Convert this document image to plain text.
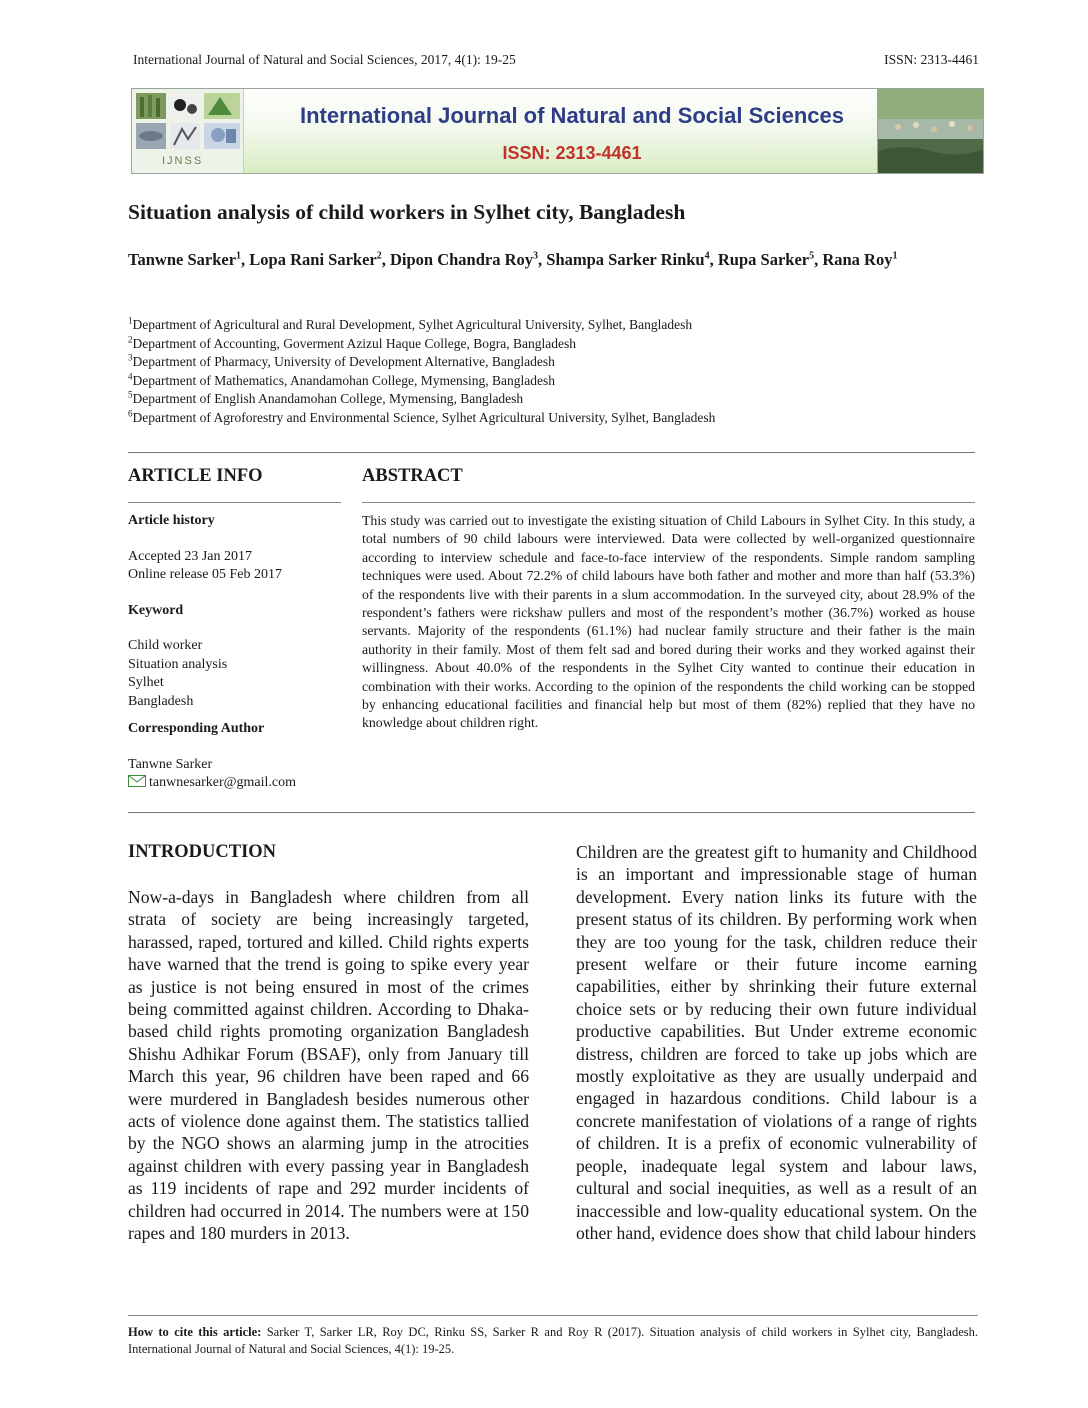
International Journal of Natural and Social Sciences, 2017, 4(1): 19-25	ISSN: 2313-4461
IJNSS
International Journal of Natural and Social Sciences
ISSN: 2313-4461
Situation analysis of child workers in Sylhet city, Bangladesh
Tanwne Sarker$^1$, Lopa Rani Sarker$^2$, Dipon Chandra Roy$^3$, Shampa Sarker Rinku$^4$, Rupa Sarker$^5$, Rana Roy$^1$
$^1$Department of Agricultural and Rural Development, Sylhet Agricultural University, Sylhet, Bangladesh
$^2$Department of Accounting, Goverment Azizul Haque College, Bogra, Bangladesh
$^3$Department of Pharmacy, University of Development Alternative, Bangladesh
$^4$Department of Mathematics, Anandamohan College, Mymensing, Bangladesh
$^5$Department of English Anandamohan College, Mymensing, Bangladesh
$^6$Department of Agroforestry and Environmental Science, Sylhet Agricultural University, Sylhet, Bangladesh
ARTICLE INFO
Article history
Accepted 23 Jan 2017
Online release 05 Feb 2017
Keyword
Child worker
Situation analysis
Sylhet
Bangladesh
Corresponding Author
Tanwne Sarker
tanwnesarker@gmail.com
ABSTRACT

This study was carried out to investigate the existing situation of Child Labours in Sylhet City. In this study, a total numbers of 90 child labours were interviewed. Data were collected by well-organized questionnaire according to interview schedule and face-to-face interview of the respondents. Simple random sampling techniques were used. About 72.2% of child labours have both father and mother and more than half (53.3%) of the respondents live with their parents in a slum accommodation. In the surveyed city, about 28.9% of the respondent’s fathers were rickshaw pullers and most of the respondent’s mother (36.7%) worked as house servants. Majority of the respondents (61.1%) had nuclear family structure and their father is the main authority in their family. Most of them felt sad and bored during their works and they worked against their willingness. About 40.0% of the respondents in the Sylhet City wanted to continue their education in combination with their works. According to the opinion of the respondents the child working can be stopped by enhancing educational facilities and financial help but most of them (82%) replied that they have no knowledge about children right.

INTRODUCTION

Now-a-days in Bangladesh where children from all strata of society are being increasingly targeted, harassed, raped, tortured and killed. Child rights experts have warned that the trend is going to spike every year as justice is not being ensured in most of the crimes being committed against children. According to Dhaka-based child rights promoting organization Bangladesh Shishu Adhikar Forum (BSAF), only from January till March this year, 96 children have been raped and 66 were murdered in Bangladesh besides numerous other acts of violence done against them. The statistics tallied by the NGO shows an alarming jump in the atrocities against children with every passing year in Bangladesh as 119 incidents of rape and 292 murder incidents of children had occurred in 2014. The numbers were at 150 rapes and 180 murders in 2013.

Children are the greatest gift to humanity and Childhood is an important and impressionable stage of human development. Every nation links its future with the present status of its children. By performing work when they are too young for the task, children reduce their present welfare or their future income earning capabilities, either by shrinking their future external choice sets or by reducing their own future individual productive capabilities. But Under extreme economic distress, children are forced to take up jobs which are mostly exploitative as they are usually underpaid and engaged in hazardous conditions. Child labour is a concrete manifestation of violations of a range of rights of children. It is a prefix of economic vulnerability of people, inadequate legal system and labour laws, cultural and social inequities, as well as a result of an inaccessible and low-quality educational system. On the other hand, evidence does show that child labour hinders

How to cite this article: Sarker T, Sarker LR, Roy DC, Rinku SS, Sarker R and Roy R (2017). Situation analysis of child workers in Sylhet city, Bangladesh. International Journal of Natural and Social Sciences, 4(1): 19-25.
